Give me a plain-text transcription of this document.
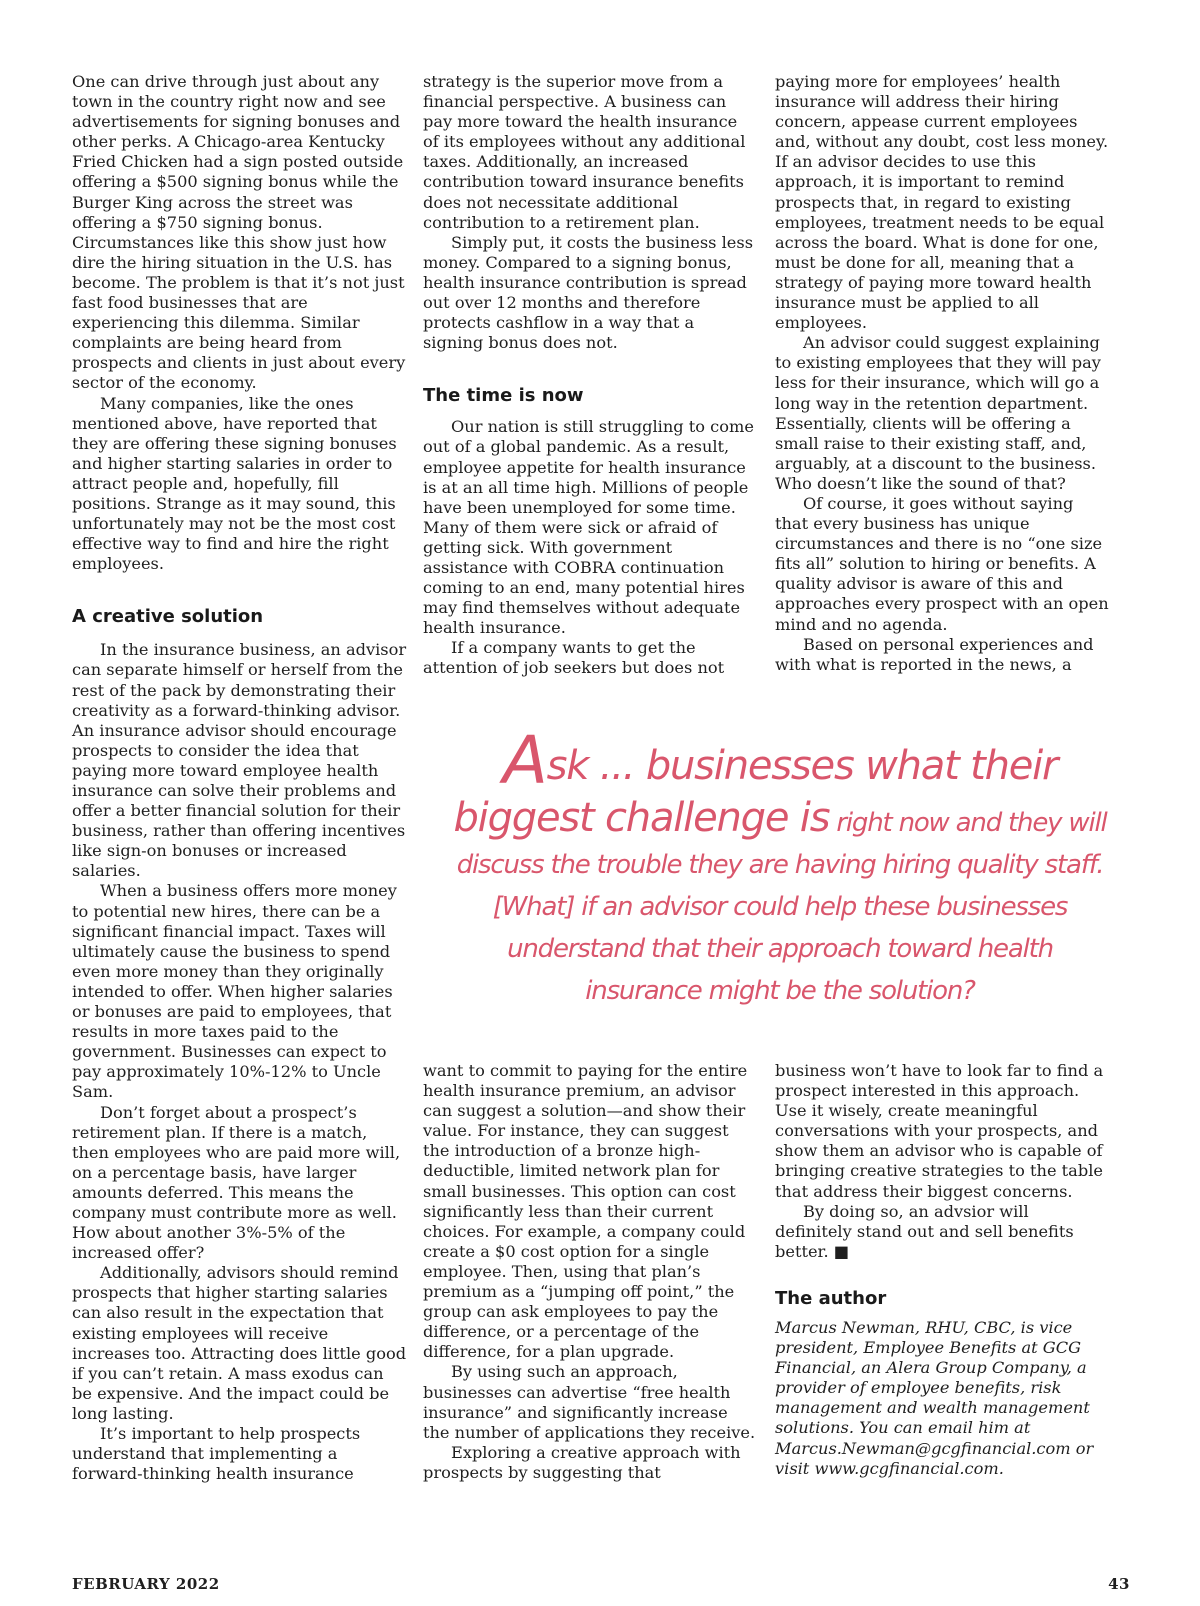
One can drive through just about any town in the country right now and see advertisements for signing bonuses and other perks. A Chicago-area Kentucky Fried Chicken had a sign posted outside offering a $500 signing bonus while the Burger King across the street was offering a $750 signing bonus. Circumstances like this show just how dire the hiring situation in the U.S. has become. The problem is that it’s not just fast food businesses that are experiencing this dilemma. Similar complaints are being heard from prospects and clients in just about every sector of the economy.

Many companies, like the ones mentioned above, have reported that they are offering these signing bonuses and higher starting salaries in order to attract people and, hopefully, fill positions. Strange as it may sound, this unfortunately may not be the most cost effective way to find and hire the right employees.

A creative solution

In the insurance business, an advisor can separate himself or herself from the rest of the pack by demonstrating their creativity as a forward-thinking advisor. An insurance advisor should encourage prospects to consider the idea that paying more toward employee health insurance can solve their problems and offer a better financial solution for their business, rather than offering incentives like sign-on bonuses or increased salaries.

When a business offers more money to potential new hires, there can be a significant financial impact. Taxes will ultimately cause the business to spend even more money than they originally intended to offer. When higher salaries or bonuses are paid to employees, that results in more taxes paid to the government. Businesses can expect to pay approximately 10%-12% to Uncle Sam.

Don’t forget about a prospect’s retirement plan. If there is a match, then employees who are paid more will, on a percentage basis, have larger amounts deferred. This means the company must contribute more as well. How about another 3%-5% of the increased offer?

Additionally, advisors should remind prospects that higher starting salaries can also result in the expectation that existing employees will receive increases too. Attracting does little good if you can’t retain. A mass exodus can be expensive. And the impact could be long lasting.

It’s important to help prospects understand that implementing a forward-thinking health insurance

strategy is the superior move from a financial perspective. A business can pay more toward the health insurance of its employees without any additional taxes. Additionally, an increased contribution toward insurance benefits does not necessitate additional contribution to a retirement plan.

Simply put, it costs the business less money. Compared to a signing bonus, health insurance contribution is spread out over 12 months and therefore protects cashflow in a way that a signing bonus does not.

The time is now

Our nation is still struggling to come out of a global pandemic. As a result, employee appetite for health insurance is at an all time high. Millions of people have been unemployed for some time. Many of them were sick or afraid of getting sick. With government assistance with COBRA continuation coming to an end, many potential hires may find themselves without adequate health insurance.

If a company wants to get the attention of job seekers but does not

paying more for employees’ health insurance will address their hiring concern, appease current employees and, without any doubt, cost less money. If an advisor decides to use this approach, it is important to remind prospects that, in regard to existing employees, treatment needs to be equal across the board. What is done for one, must be done for all, meaning that a strategy of paying more toward health insurance must be applied to all employees.

An advisor could suggest explaining to existing employees that they will pay less for their insurance, which will go a long way in the retention department. Essentially, clients will be offering a small raise to their existing staff, and, arguably, at a discount to the business. Who doesn’t like the sound of that?

Of course, it goes without saying that every business has unique circumstances and there is no “one size fits all” solution to hiring or benefits. A quality advisor is aware of this and approaches every prospect with an open mind and no agenda.

Based on personal experiences and with what is reported in the news, a

Ask ... businesses what their
biggest challenge is right now and they will
discuss the trouble they are having hiring quality staff.
[What] if an advisor could help these businesses
understand that their approach toward health
insurance might be the solution?

want to commit to paying for the entire health insurance premium, an advisor can suggest a solution—and show their value. For instance, they can suggest the introduction of a bronze high-deductible, limited network plan for small businesses. This option can cost significantly less than their current choices. For example, a company could create a $0 cost option for a single employee. Then, using that plan’s premium as a “jumping off point,” the group can ask employees to pay the difference, or a percentage of the difference, for a plan upgrade.

By using such an approach, businesses can advertise “free health insurance” and significantly increase the number of applications they receive.

Exploring a creative approach with prospects by suggesting that

business won’t have to look far to find a prospect interested in this approach. Use it wisely, create meaningful conversations with your prospects, and show them an advisor who is capable of bringing creative strategies to the table that address their biggest concerns.

By doing so, an advsior will definitely stand out and sell benefits better. ■

The author

Marcus Newman, RHU, CBC, is vice president, Employee Benefits at GCG Financial, an Alera Group Company, a provider of employee benefits, risk management and wealth management solutions. You can email him at Marcus.Newman@gcgfinancial.com or visit www.gcgfinancial.com.

FEBRUARY 2022	43
